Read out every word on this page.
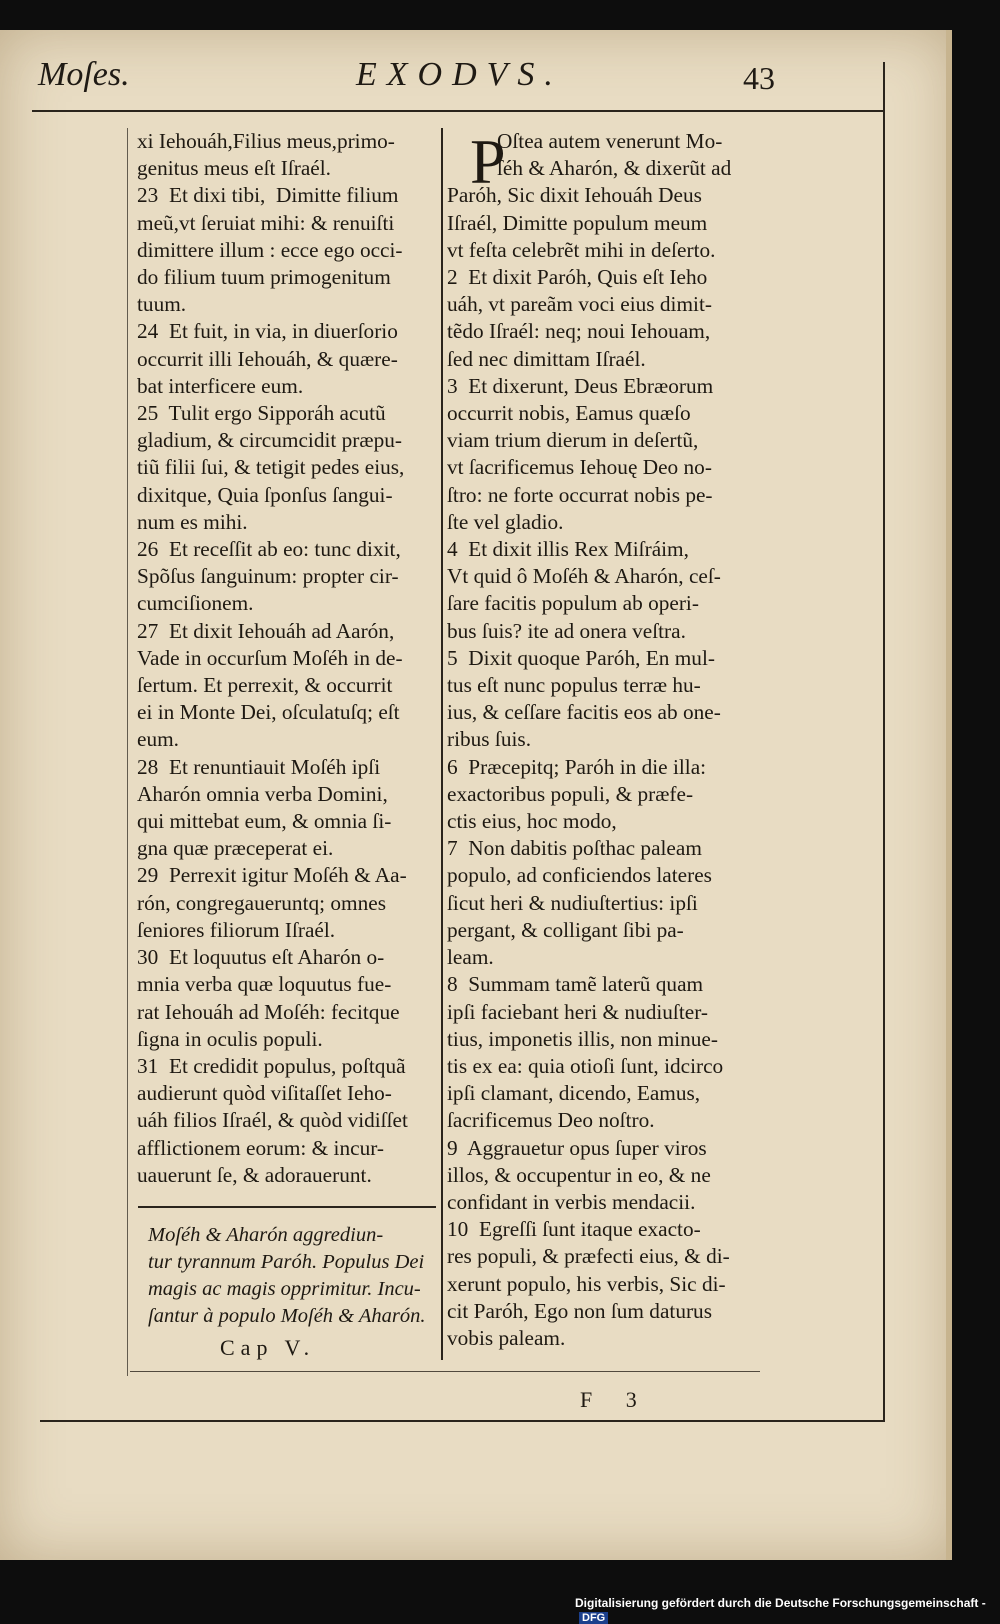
Moſes.	EXODVS.	43

xi Iehouáh,Filius meus,primo-

genitus meus eſt Iſraél.

23  Et dixi tibi,  Dimitte filium

meũ,vt ſeruiat mihi: & renuiſti

dimittere illum : ecce ego occi-

do filium tuum primogenitum

tuum.

24  Et fuit, in via, in diuerſorio

occurrit illi Iehouáh, & quære-

bat interficere eum.

25  Tulit ergo Sipporáh acutũ

gladium, & circumcidit præpu-

tiũ filii ſui, & tetigit pedes eius,

dixitque, Quia ſponſus ſangui-

num es mihi.

26  Et receſſit ab eo: tunc dixit,

Spõſus ſanguinum: propter cir-

cumciſionem.

27  Et dixit Iehouáh ad Aarón,

Vade in occurſum Moſéh in de-

ſertum. Et perrexit, & occurrit

ei in Monte Dei, oſculatuſq; eſt

eum.

28  Et renuntiauit Moſéh ipſi

Aharón omnia verba Domini,

qui mittebat eum, & omnia ſi-

gna quæ præceperat ei.

29  Perrexit igitur Moſéh & Aa-

rón, congregaueruntq; omnes

ſeniores filiorum Iſraél.

30  Et loquutus eſt Aharón o-

mnia verba quæ loquutus fue-

rat Iehouáh ad Moſéh: fecitque

ſigna in oculis populi.

31  Et credidit populus, poſtquã

audierunt quòd viſitaſſet Ieho-

uáh filios Iſraél, & quòd vidiſſet

afflictionem eorum: & incur-

uauerunt ſe, & adorauerunt.

P

Oſtea autem venerunt Mo-

ſéh & Aharón, & dixerũt ad

Paróh, Sic dixit Iehouáh Deus

Iſraél, Dimitte populum meum

vt feſta celebrẽt mihi in deſerto.

2  Et dixit Paróh, Quis eſt Ieho

uáh, vt pareãm voci eius dimit-

tẽdo Iſraél: neq; noui Iehouam,

ſed nec dimittam Iſraél.

3  Et dixerunt, Deus Ebræorum

occurrit nobis, Eamus quæſo

viam trium dierum in deſertũ,

vt ſacrificemus Iehouę Deo no-

ſtro: ne forte occurrat nobis pe-

ſte vel gladio.

4  Et dixit illis Rex Miſráim,

Vt quid ô Moſéh & Aharón, ceſ-

ſare facitis populum ab operi-

bus ſuis? ite ad onera veſtra.

5  Dixit quoque Paróh, En mul-

tus eſt nunc populus terræ hu-

ius, & ceſſare facitis eos ab one-

ribus ſuis.

6  Præcepitq; Paróh in die illa:

exactoribus populi, & præfe-

ctis eius, hoc modo,

7  Non dabitis poſthac paleam

populo, ad conficiendos lateres

ſicut heri & nudiuſtertius: ipſi

pergant, & colligant ſibi pa-

leam.

8  Summam tamẽ laterũ quam

ipſi faciebant heri & nudiuſter-

tius, imponetis illis, non minue-

tis ex ea: quia otioſi ſunt, idcirco

ipſi clamant, dicendo, Eamus,

ſacrificemus Deo noſtro.

9  Aggrauetur opus ſuper viros

illos, & occupentur in eo, & ne

confidant in verbis mendacii.

10  Egreſſi ſunt itaque exacto-

res populi, & præfecti eius, & di-

xerunt populo, his verbis, Sic di-

cit Paróh, Ego non ſum daturus

vobis paleam.

Moſéh & Aharón aggrediun-

tur tyrannum Paróh. Populus Dei

magis ac magis opprimitur. Incu-

ſantur à populo Moſéh & Aharón.

Cap V.
F 3
Digitalisierung gefördert durch die Deutsche Forschungsgemeinschaft -DFG
